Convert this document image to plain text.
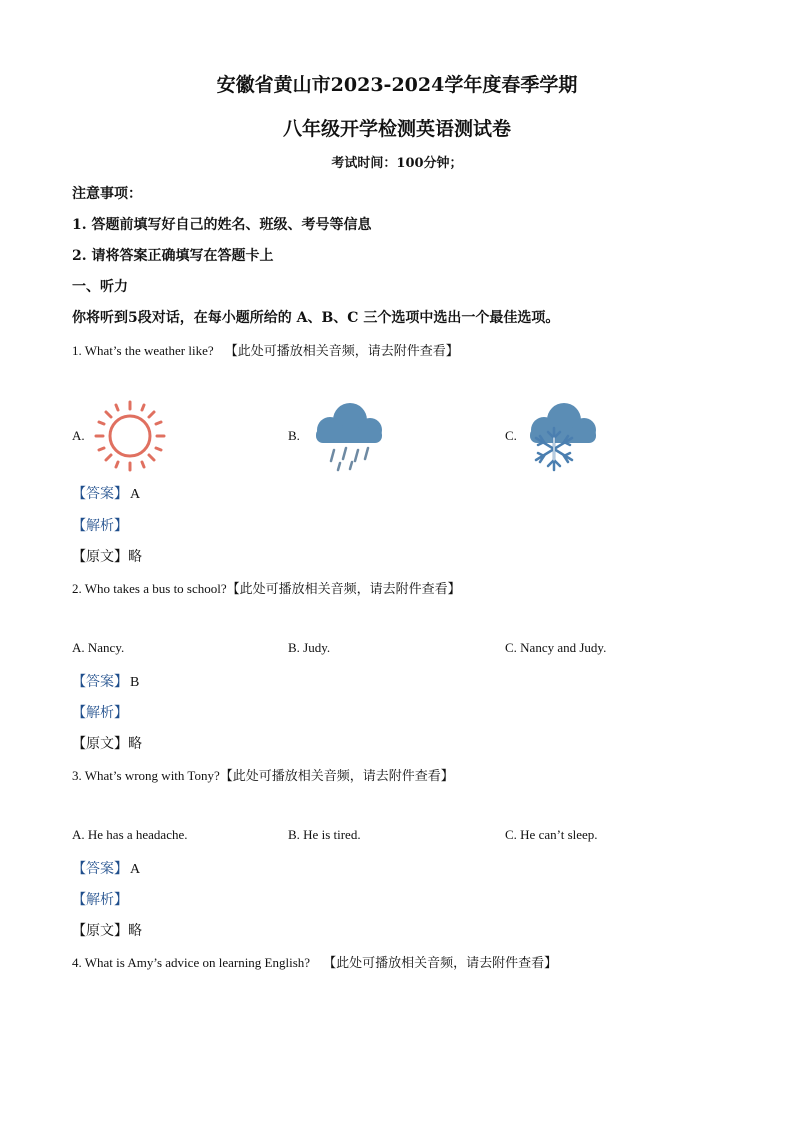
安徽省黄山市2023-2024学年度春季学期
八年级开学检测英语测试卷
考试时间：100分钟；
注意事项：
1. 答题前填写好自己的姓名、班级、考号等信息
2. 请将答案正确填写在答题卡上
一、听力
你将听到5段对话，在每小题所给的 A、B、C 三个选项中选出一个最佳选项。
1. What’s the weather like? 【此处可播放相关音频，请去附件查看】
A.	B.	C.
【答案】 A
【解析】
【原文】略
2. Who takes a bus to school?【此处可播放相关音频，请去附件查看】
A. Nancy.	B. Judy.	C. Nancy and Judy.
【答案】 B
【解析】
【原文】略
3. What’s wrong with Tony?【此处可播放相关音频，请去附件查看】
A. He has a headache.	B. He is tired.	C. He can’t sleep.
【答案】 A
【解析】
【原文】略
4. What is Amy’s advice on learning English? 【此处可播放相关音频，请去附件查看】
